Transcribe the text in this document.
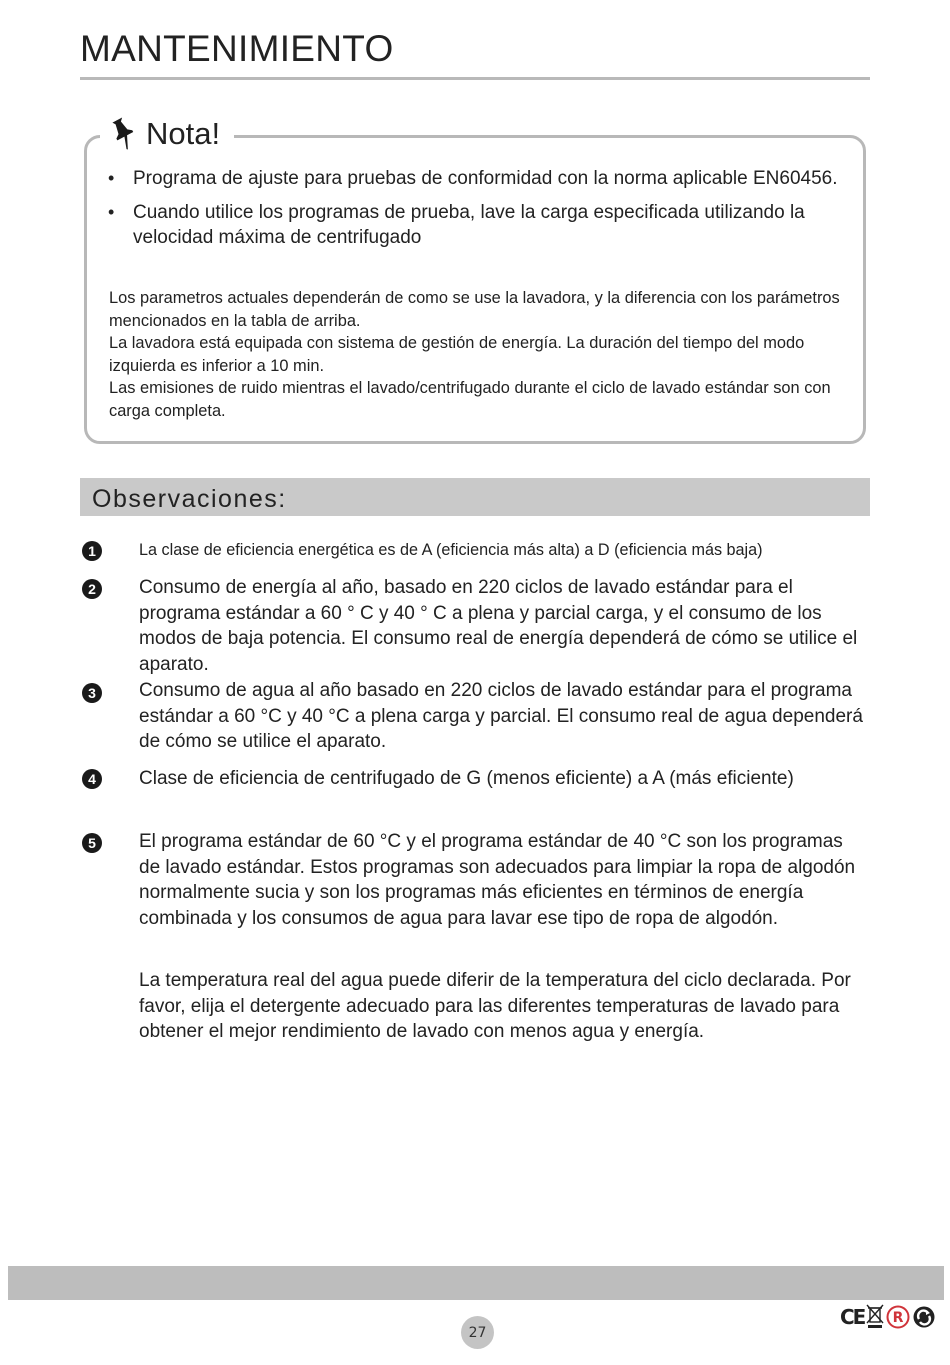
MANTENIMIENTO
Nota!
• Programa de ajuste para pruebas de conformidad con la norma aplicable EN60456.
• Cuando utilice los programas de prueba, lave la carga especificada utilizando la velocidad máxima de centrifugado
Los parametros actuales dependerán de como se use la lavadora, y la diferencia con los parámetros mencionados en la tabla de arriba.
La lavadora está equipada con sistema de gestión de energía. La duración del tiempo del modo izquierda es inferior a 10 min.
Las emisiones de ruido mientras el lavado/centrifugado durante el ciclo de lavado estándar son con carga completa.
Observaciones:
1	La clase de eficiencia energética es de A (eficiencia más alta) a D (eficiencia más baja)
2	Consumo de energía al año, basado en 220 ciclos de lavado estándar para el programa estándar a 60 ° C y 40 ° C a plena y parcial carga, y el consumo de los modos de baja potencia. El consumo real de energía dependerá de cómo se utilice el aparato.
3	Consumo de agua al año basado en 220 ciclos de lavado estándar para el programa estándar a 60 °C y 40 °C a plena carga y parcial. El consumo real de agua dependerá de cómo se utilice el aparato.
4	Clase de eficiencia de centrifugado de G (menos eficiente) a A (más eficiente)
5	El programa estándar de 60 °C y el programa estándar de 40 °C son los programas de lavado estándar. Estos programas son adecuados para limpiar la ropa de algodón normalmente sucia y son los programas más eficientes en términos de energía combinada y los consumos de agua para lavar ese tipo de ropa de algodón.
La temperatura real del agua puede diferir de la temperatura del ciclo declarada. Por favor, elija el detergente adecuado para las diferentes temperaturas de lavado para obtener el mejor rendimiento de lavado con menos agua y energía.
27
CE R
